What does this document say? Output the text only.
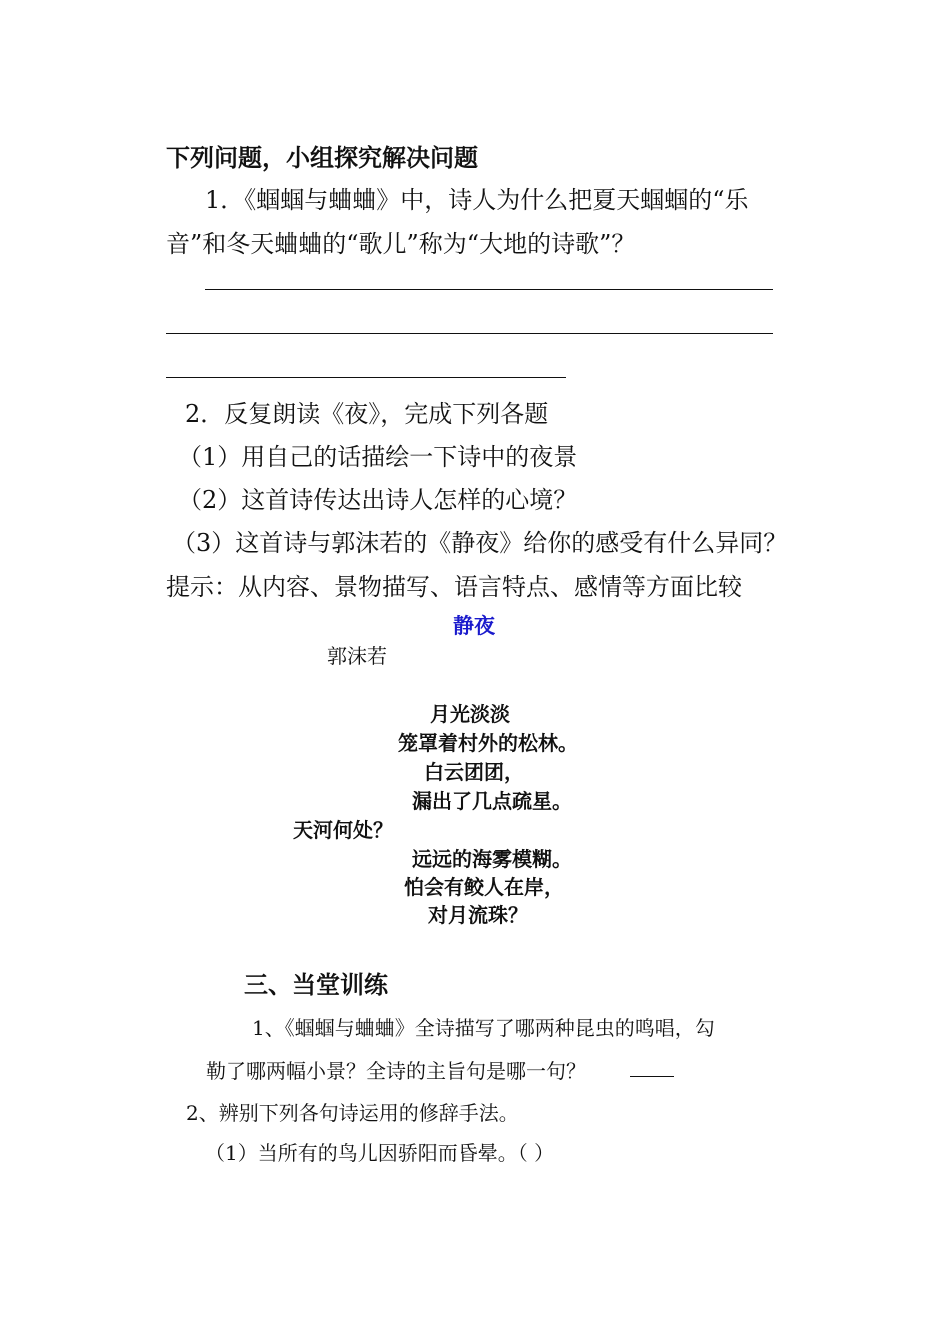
下列问题，小组探究解决问题
1．《蝈蝈与蛐蛐》中，诗人为什么把夏天蝈蝈的“乐
音”和冬天蛐蛐的“歌儿”称为“大地的诗歌”？
2．反复朗读《夜》，完成下列各题
（1）用自己的话描绘一下诗中的夜景
（2）这首诗传达出诗人怎样的心境？
（3）这首诗与郭沫若的《静夜》给你的感受有什么异同？
提示：从内容、景物描写、语言特点、感情等方面比较
静夜
郭沫若
月光淡淡
笼罩着村外的松林。
白云团团，
漏出了几点疏星。
天河何处？
远远的海雾模糊。
怕会有鲛人在岸，
对月流珠？
三、当堂训练
1、《蝈蝈与蛐蛐》全诗描写了哪两种昆虫的鸣唱，勾
勒了哪两幅小景？全诗的主旨句是哪一句？
2、辨别下列各句诗运用的修辞手法。
（1）当所有的鸟儿因骄阳而昏晕。（ ）
